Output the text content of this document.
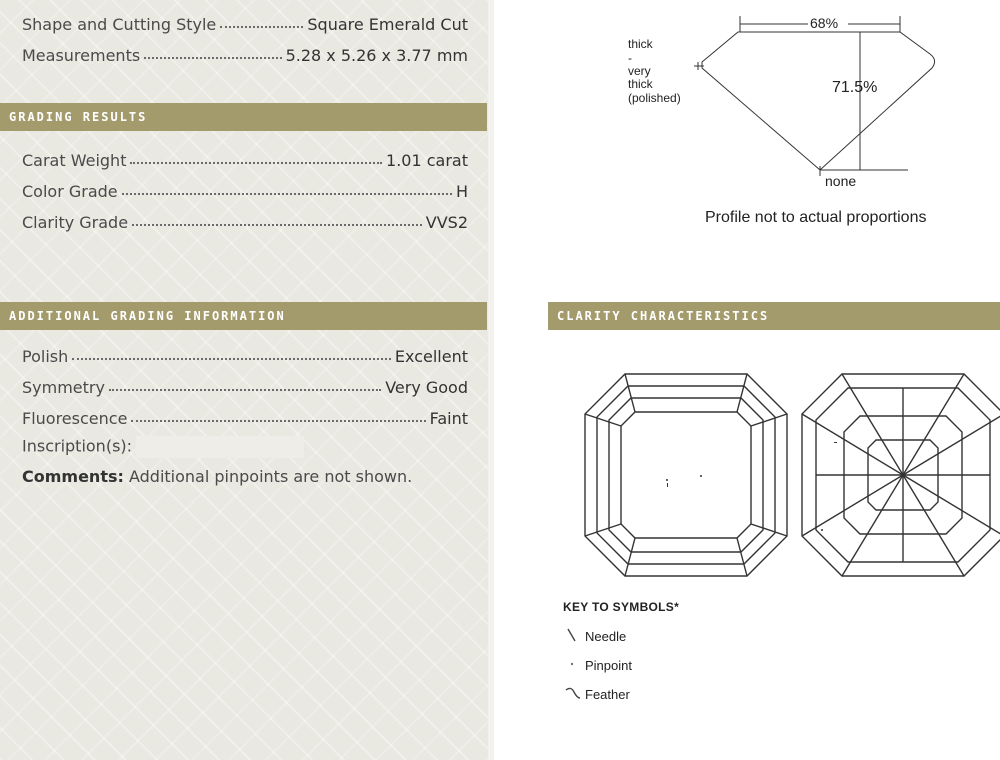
Shape and Cutting Style	Square Emerald Cut
Measurements	5.28 x 5.26 x 3.77 mm
GRADING RESULTS
Carat Weight	1.01 carat
Color Grade	H
Clarity Grade	VVS2
ADDITIONAL GRADING INFORMATION
Polish	Excellent
Symmetry	Very Good
Fluorescence	Faint
Inscription(s):
Comments: Additional pinpoints are not shown.
68%
71.5%
thick
-
very
thick
(polished)
none
Profile not to actual proportions
CLARITY CHARACTERISTICS
KEY TO SYMBOLS*
Needle
Pinpoint
Feather
